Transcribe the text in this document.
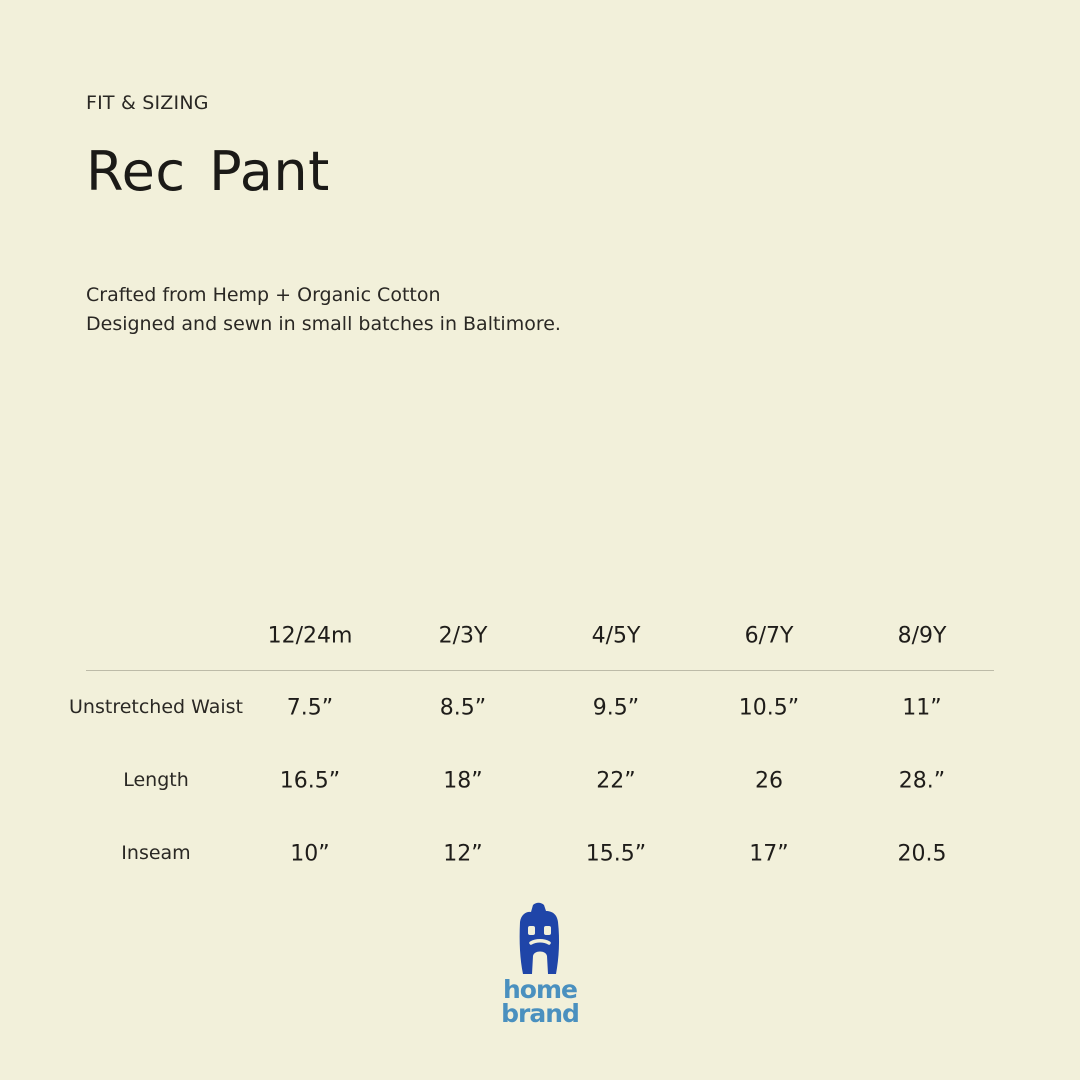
FIT & SIZING
Rec Pant
Crafted from Hemp + Organic Cotton
Designed and sewn in small batches in Baltimore.
12/24m	2/3Y	4/5Y	6/7Y	8/9Y
Unstretched Waist 7.5”	8.5”	9.5”	10.5”	11”
Length	16.5”	18”	22”	26	28.”
Inseam	10”	12”	15.5”	17”	20.5
home
brand
